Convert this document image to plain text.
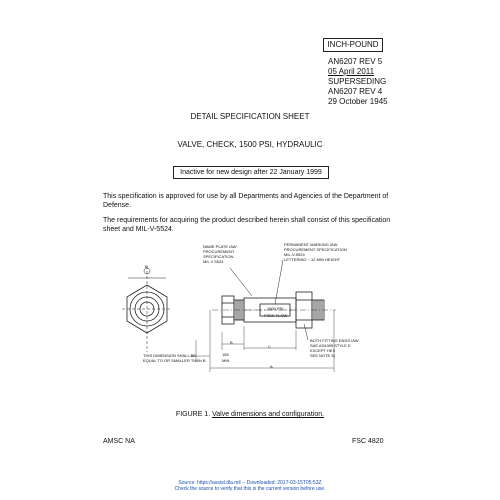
INCH-POUND
AN6207 REV 5
05 April 2011
SUPERSEDING
AN6207 REV 4
29 October 1945
DETAIL SPECIFICATION SHEET
VALVE, CHECK, 1500 PSI, HYDRAULIC
Inactive for new design after 22 January 1999
This specification is approved for use by all Departments and Agencies of the Department of Defense.
The requirements for acquiring the product described herein shall consist of this specification sheet and MIL-V-5524.
NAME PLATE IAW
PROCUREMENT
SPECIFICATION
MIL V 5524
PERMANENT MARKING IAW
PROCUREMENT SPECIFICATION
MIL-V-5524
LETTERING ~.12 MIN HEIGHT
BOTH FITTING ENDS IAW
SAE AS4395 STYLE E
EXCEPT HEX
SEE NOTE 5)
THIS DIMENSION SHALL BE
EQUAL TO OR SMALLER THAN B
1500 PSI
FREE FLOW
185
MIN
B
C
A
D
FIGURE 1. Valve dimensions and configuration.
AMSC NA	FSC 4820
Source: https://assist.dla.mil -- Downloaded: 2017-03-15T05:53Z
Check the source to verify that this is the current version before use.
